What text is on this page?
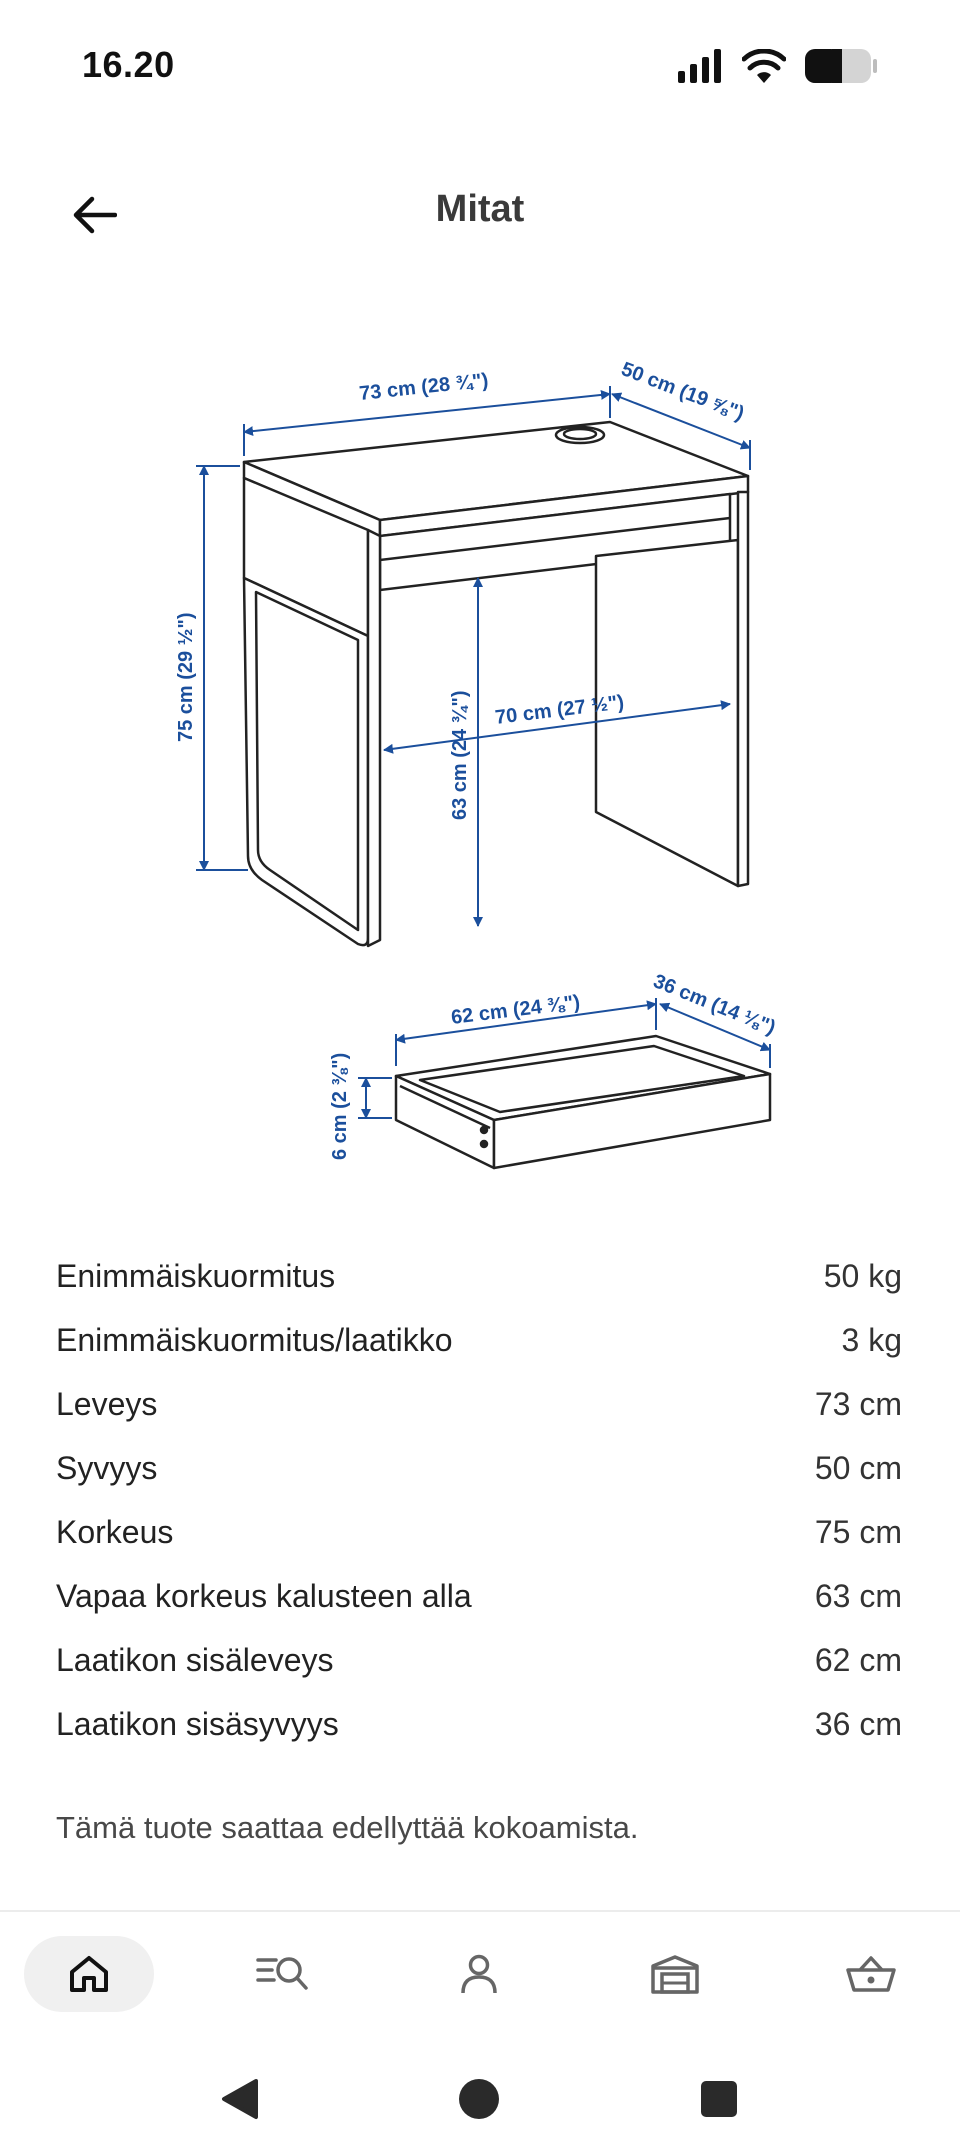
16.20
Mitat
73 cm (28 ¾")	50 cm (19 ⅝")
75 cm (29 ½")
63 cm (24 ¾") 70 cm (27 ½")
62 cm (24 ⅜")	36 cm (14 ⅛")
6 cm (2 ⅜")
Enimmäiskuormitus	50 kg
Enimmäiskuormitus/laatikko	3 kg
Leveys	73 cm
Syvyys	50 cm
Korkeus	75 cm
Vapaa korkeus kalusteen alla	63 cm
Laatikon sisäleveys	62 cm
Laatikon sisäsyvyys	36 cm
Tämä tuote saattaa edellyttää kokoamista.
